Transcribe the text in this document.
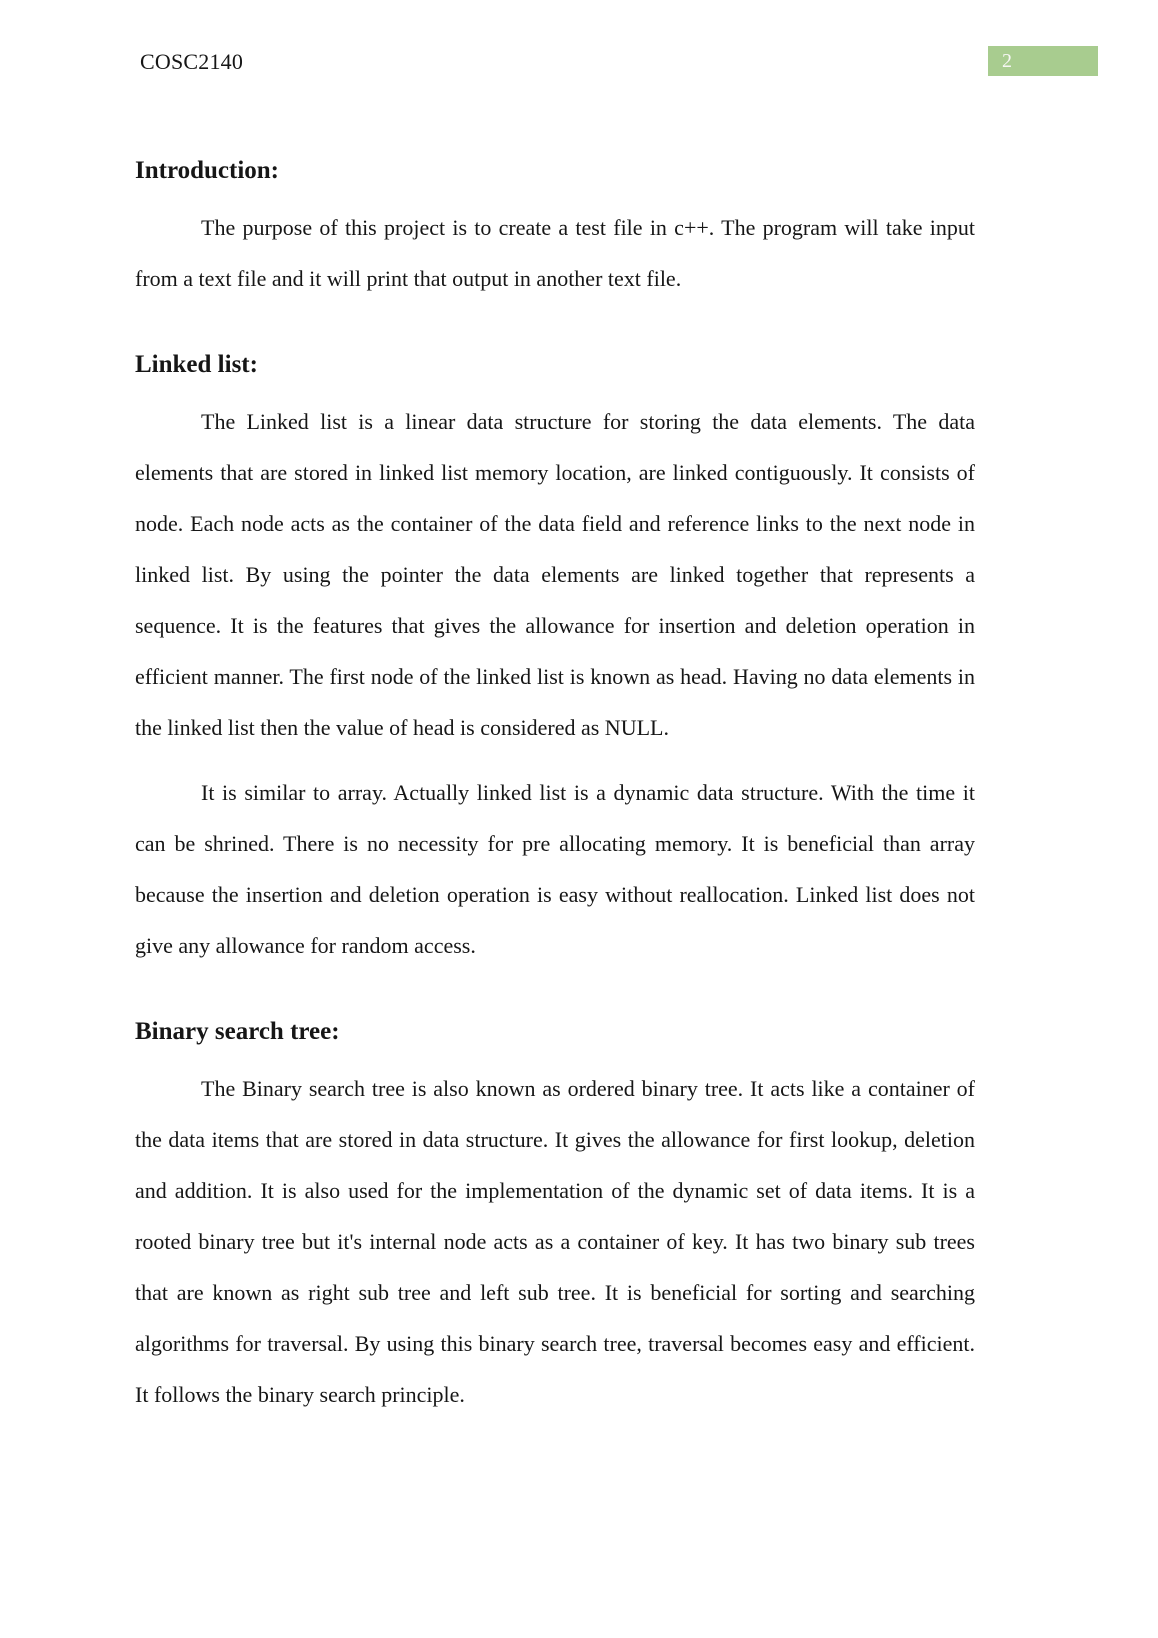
COSC2140	2
Introduction:

The purpose of this project is to create a test file in c++. The program will take input from a text file and it will print that output in another text file.

Linked list:

The Linked list is a linear data structure for storing the data elements. The data elements that are stored in linked list memory location, are linked contiguously. It consists of node. Each node acts as the container of the data field and reference links to the next node in linked list. By using the pointer the data elements are linked together that represents a sequence. It is the features that gives the allowance for insertion and deletion operation in efficient manner. The first node of the linked list is known as head. Having no data elements in the linked list then the value of head is considered as NULL.

It is similar to array. Actually linked list is a dynamic data structure. With the time it can be shrined. There is no necessity for pre allocating memory. It is beneficial than array because the insertion and deletion operation is easy without reallocation. Linked list does not give any allowance for random access.

Binary search tree:

The Binary search tree is also known as ordered binary tree. It acts like a container of the data items that are stored in data structure. It gives the allowance for first lookup, deletion and addition. It is also used for the implementation of the dynamic set of data items. It is a rooted binary tree but it's internal node acts as a container of key. It has two binary sub trees that are known as right sub tree and left sub tree. It is beneficial for sorting and searching algorithms for traversal. By using this binary search tree, traversal becomes easy and efficient. It follows the binary search principle.
